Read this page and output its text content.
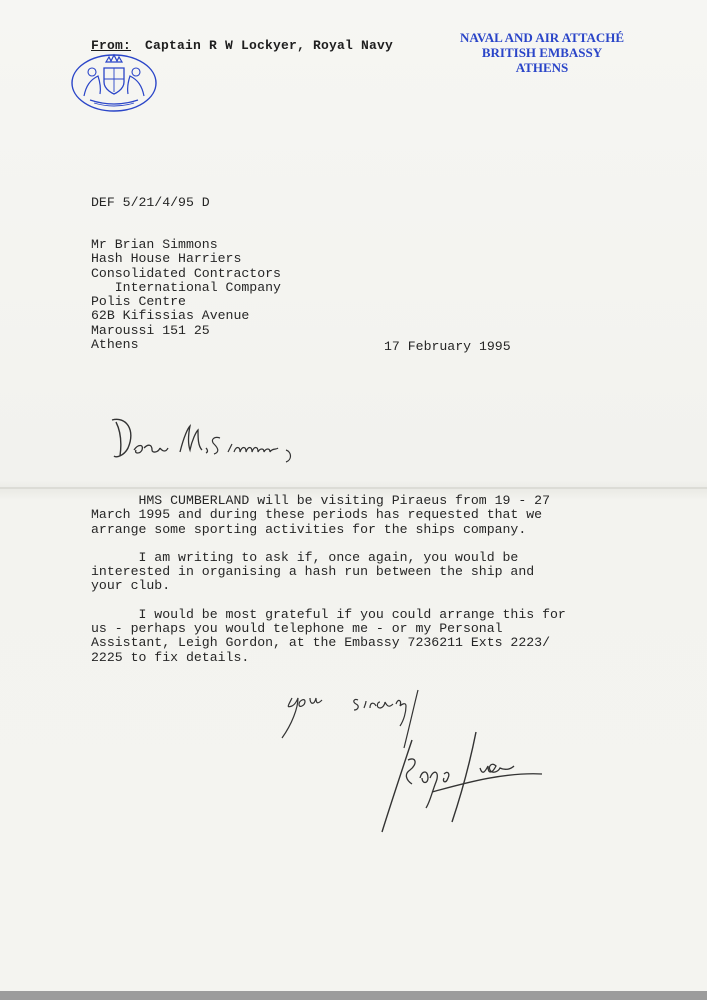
From: Captain R W Lockyer, Royal Navy
NAVAL AND AIR ATTACHÉ
BRITISH EMBASSY
ATHENS
DEF 5/21/4/95 D
Mr Brian Simmons
Hash House Harriers
Consolidated Contractors
International Company
Polis Centre
62B Kifissias Avenue
Maroussi 151 25
Athens	17 February 1995
HMS CUMBERLAND will be visiting Piraeus from 19 - 27
March 1995 and during these periods has requested that we
arrange some sporting activities for the ships company.
I am writing to ask if, once again, you would be
interested in organising a hash run between the ship and
your club.
I would be most grateful if you could arrange this for
us - perhaps you would telephone me - or my Personal
Assistant, Leigh Gordon, at the Embassy 7236211 Exts 2223/
2225 to fix details.
